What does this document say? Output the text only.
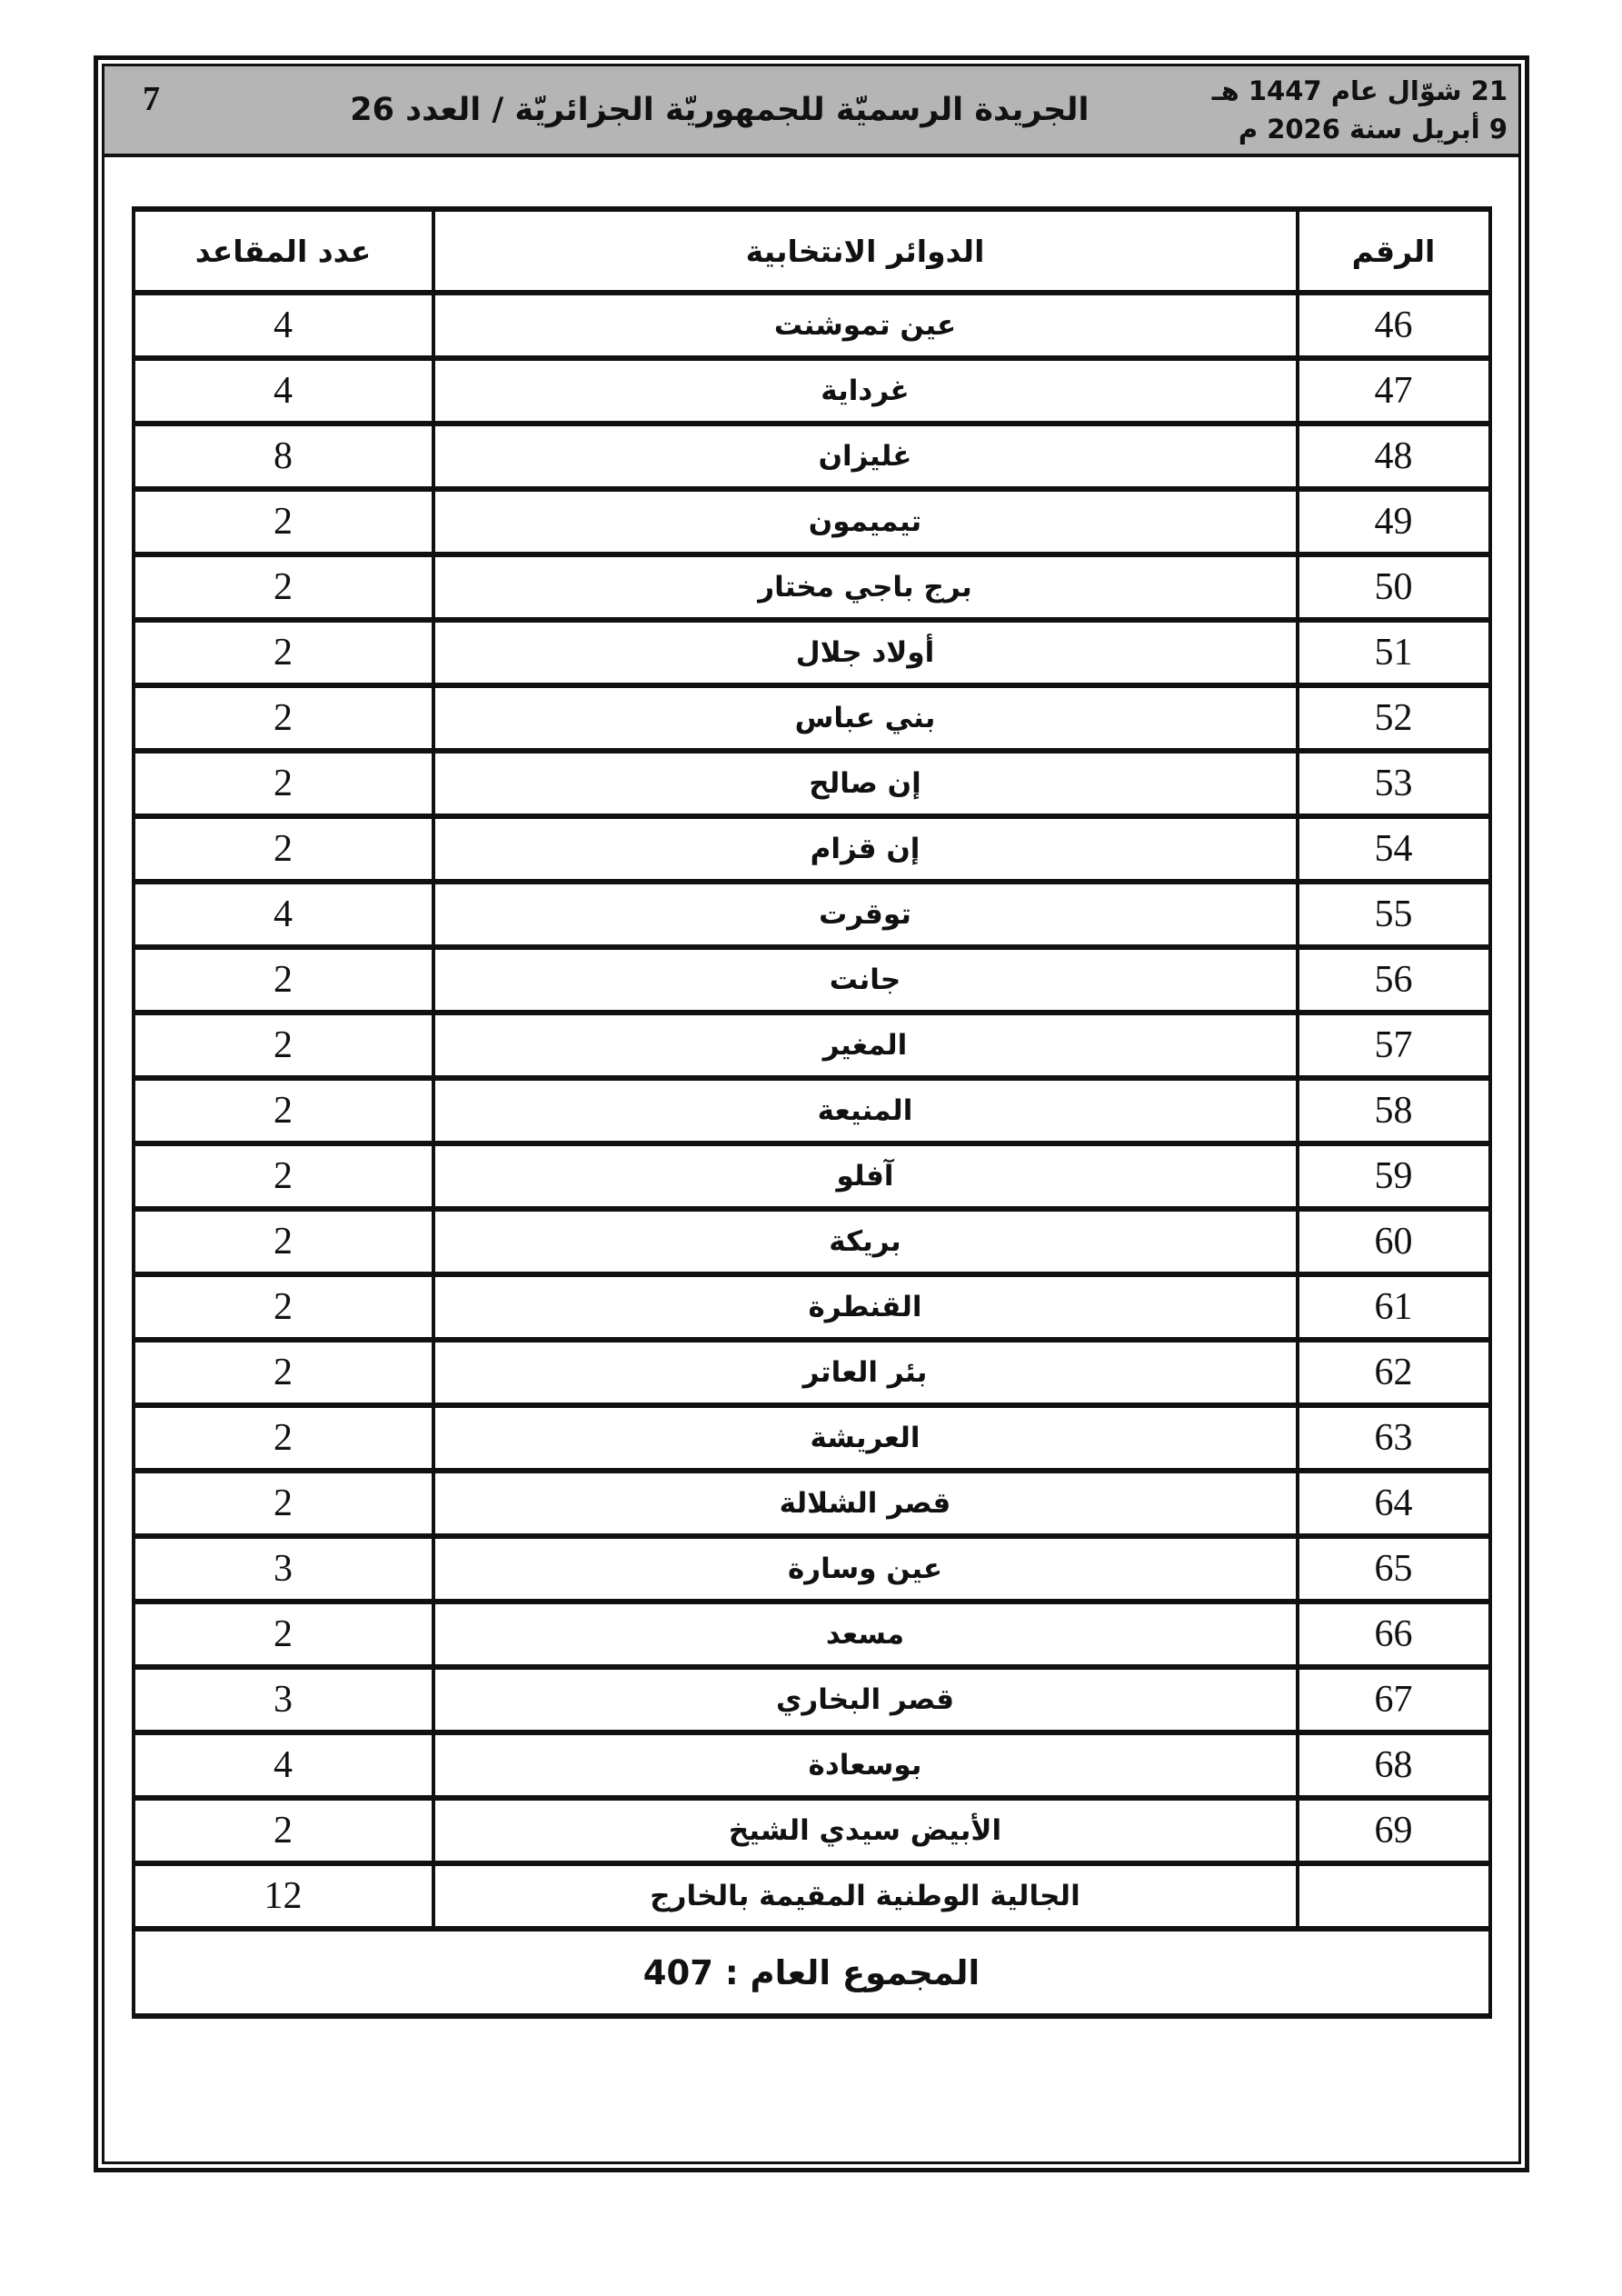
21 شوّال عام 1447 هـ
9 أبريل سنة 2026 م
الجريدة الرسميّة للجمهوريّة الجزائريّة / العدد 26
7
الرقم	الدوائر الانتخابية	عدد المقاعد
46	عين تموشنت	4
47	غرداية	4
48	غليزان	8
49	تيميمون	2
50	برج باجي مختار	2
51	أولاد جلال	2
52	بني عباس	2
53	إن صالح	2
54	إن قزام	2
55	توقرت	4
56	جانت	2
57	المغير	2
58	المنيعة	2
59	آفلو	2
60	بريكة	2
61	القنطرة	2
62	بئر العاتر	2
63	العريشة	2
64	قصر الشلالة	2
65	عين وسارة	3
66	مسعد	2
67	قصر البخاري	3
68	بوسعادة	4
69	الأبيض سيدي الشيخ	2
	الجالية الوطنية المقيمة بالخارج	12
المجموع العام : 407		
